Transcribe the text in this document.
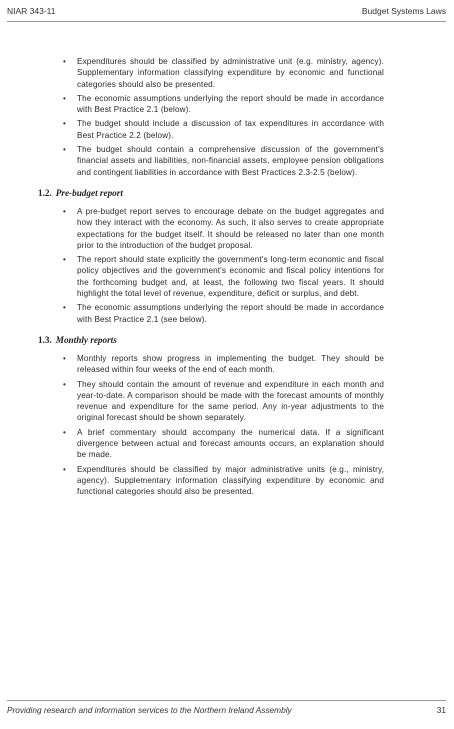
NIAR 343-11	Budget Systems Laws
• Expenditures should be classified by administrative unit (e.g. ministry, agency). Supplementary information classifying expenditure by economic and functional categories should also be presented.
• The economic assumptions underlying the report should be made in accordance with Best Practice 2.1 (below).
• The budget should include a discussion of tax expenditures in accordance with Best Practice 2.2 (below).
• The budget should contain a comprehensive discussion of the government's financial assets and liabilities, non-financial assets, employee pension obligations and contingent liabilities in accordance with Best Practices 2.3-2.5 (below).
1.2. Pre-budget report
• A pre-budget report serves to encourage debate on the budget aggregates and how they interact with the economy. As such, it also serves to create appropriate expectations for the budget itself. It should be released no later than one month prior to the introduction of the budget proposal.
• The report should state explicitly the government's long-term economic and fiscal policy objectives and the government's economic and fiscal policy intentions for the forthcoming budget and, at least, the following two fiscal years. It should highlight the total level of revenue, expenditure, deficit or surplus, and debt.
• The economic assumptions underlying the report should be made in accordance with Best Practice 2.1 (see below).
1.3. Monthly reports
• Monthly reports show progress in implementing the budget. They should be released within four weeks of the end of each month.
• They should contain the amount of revenue and expenditure in each month and year-to-date. A comparison should be made with the forecast amounts of monthly revenue and expenditure for the same period. Any in-year adjustments to the original forecast should be shown separately.
• A brief commentary should accompany the numerical data. If a significant divergence between actual and forecast amounts occurs, an explanation should be made.
• Expenditures should be classified by major administrative units (e.g., ministry, agency). Supplementary information classifying expenditure by economic and functional categories should also be presented.
Providing research and information services to the Northern Ireland Assembly	31
